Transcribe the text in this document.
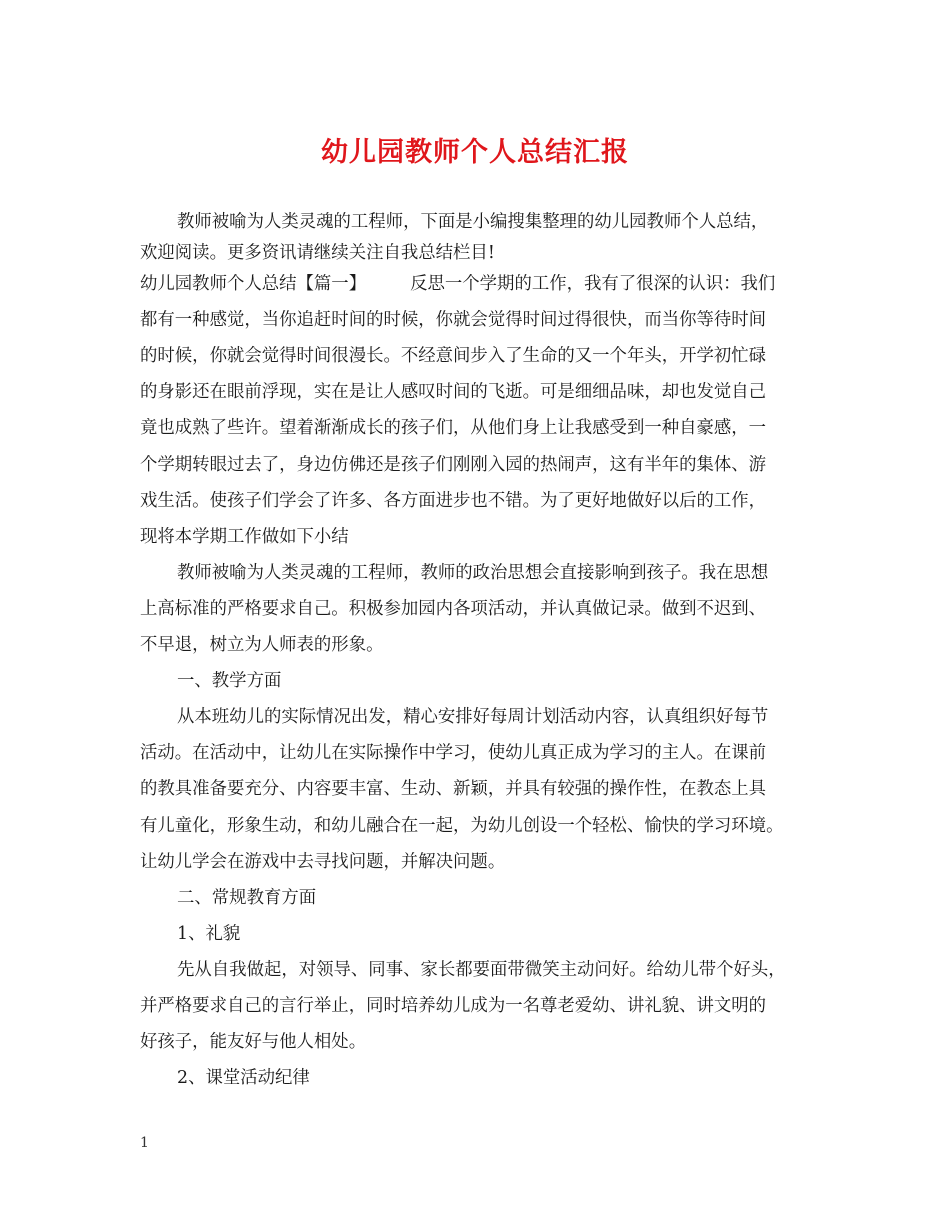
幼儿园教师个人总结汇报
教师被喻为人类灵魂的工程师，下面是小编搜集整理的幼儿园教师个人总结，
欢迎阅读。更多资讯请继续关注自我总结栏目!
幼儿园教师个人总结【篇一】	反思一个学期的工作，我有了很深的认识：我们
都有一种感觉，当你追赶时间的时候，你就会觉得时间过得很快，而当你等待时间
的时候，你就会觉得时间很漫长。不经意间步入了生命的又一个年头，开学初忙碌
的身影还在眼前浮现，实在是让人感叹时间的飞逝。可是细细品味，却也发觉自己
竟也成熟了些许。望着渐渐成长的孩子们，从他们身上让我感受到一种自豪感，一
个学期转眼过去了，身边仿佛还是孩子们刚刚入园的热闹声，这有半年的集体、游
戏生活。使孩子们学会了许多、各方面进步也不错。为了更好地做好以后的工作，
现将本学期工作做如下小结
教师被喻为人类灵魂的工程师，教师的政治思想会直接影响到孩子。我在思想
上高标准的严格要求自己。积极参加园内各项活动，并认真做记录。做到不迟到、
不早退，树立为人师表的形象。
一、教学方面
从本班幼儿的实际情况出发，精心安排好每周计划活动内容，认真组织好每节
活动。在活动中，让幼儿在实际操作中学习，使幼儿真正成为学习的主人。在课前
的教具准备要充分、内容要丰富、生动、新颖，并具有较强的操作性，在教态上具
有儿童化，形象生动，和幼儿融合在一起，为幼儿创设一个轻松、愉快的学习环境。
让幼儿学会在游戏中去寻找问题，并解决问题。
二、常规教育方面
1、礼貌
先从自我做起，对领导、同事、家长都要面带微笑主动问好。给幼儿带个好头，
并严格要求自己的言行举止，同时培养幼儿成为一名尊老爱幼、讲礼貌、讲文明的
好孩子，能友好与他人相处。
2、课堂活动纪律
1
